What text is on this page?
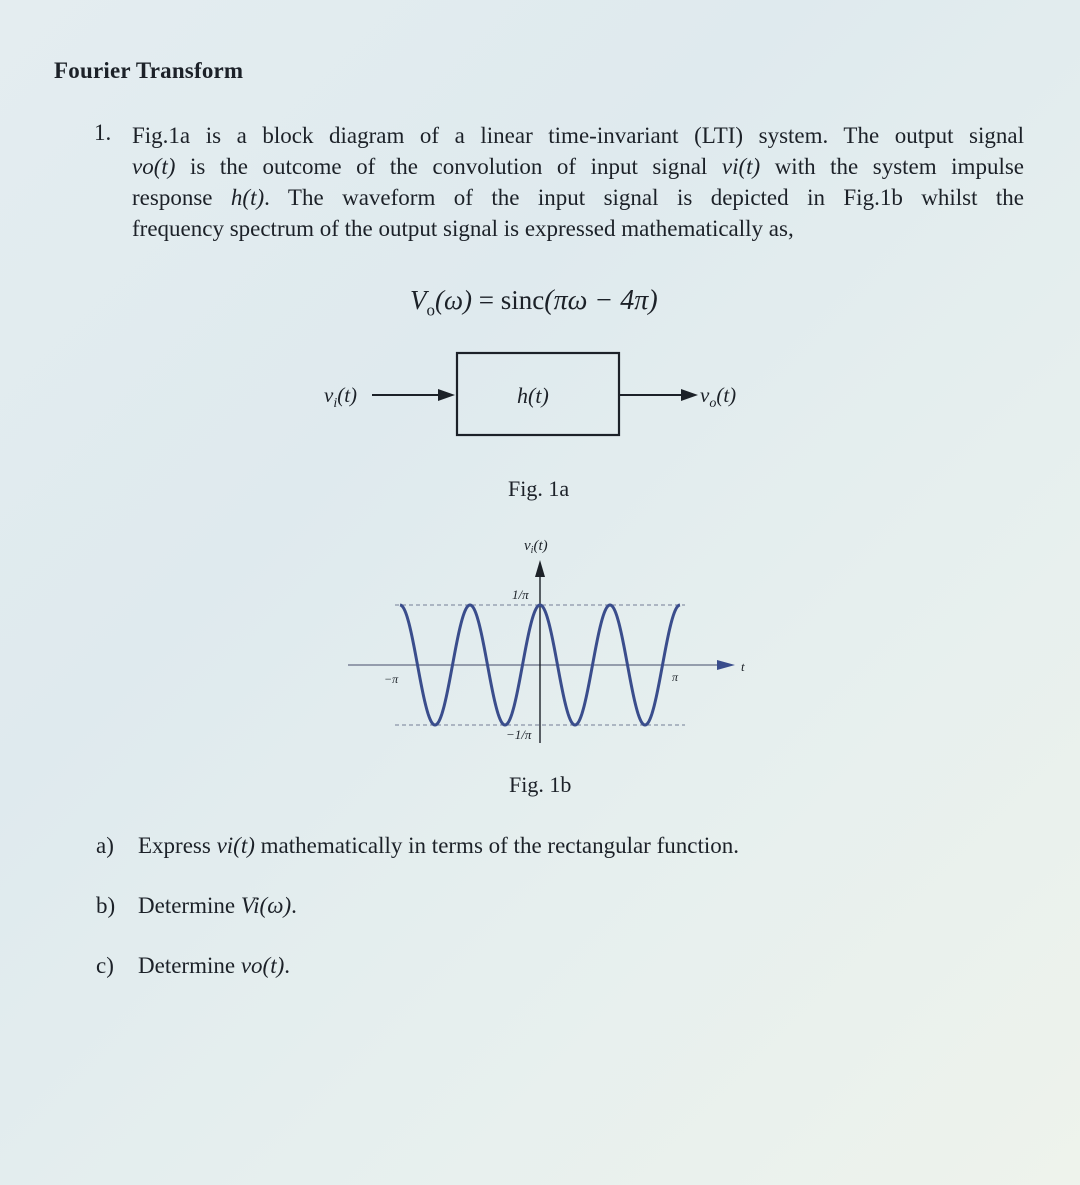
Fourier Transform
1. Fig.1a is a block diagram of a linear time-invariant (LTI) system. The output signal
vo(t) is the outcome of the convolution of input signal vi(t) with the system impulse
response h(t). The waveform of the input signal is depicted in Fig.1b whilst the
frequency spectrum of the output signal is expressed mathematically as,
$V_o(\omega) = \sin c(\pi\omega - 4\pi)$
$v_i(t)$	h(t)	$v_o(t)$
Fig. 1a
$v_i(t)$
1/π
−1/π
−π	π
t
Fig. 1b
a) Express vi(t) mathematically in terms of the rectangular function.
b) Determine Vi(ω).
c) Determine vo(t).
